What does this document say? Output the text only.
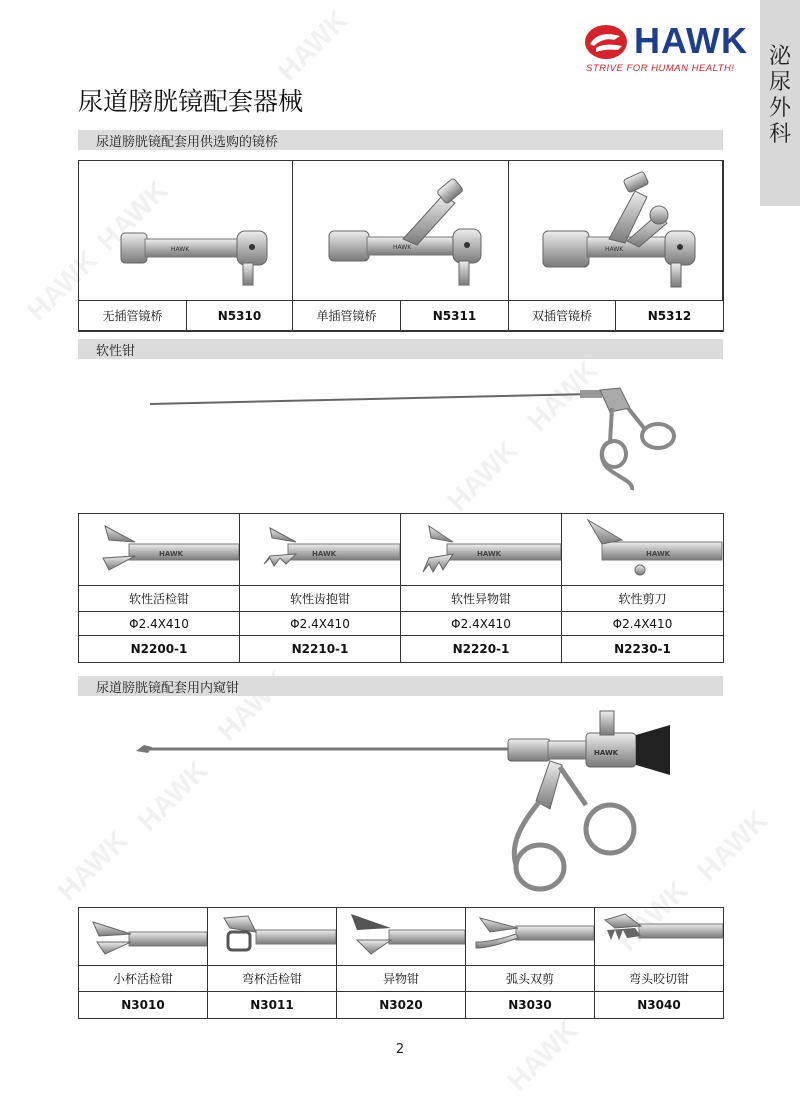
HAWK
HAWK
HAWK
HAWK
HAWK
HAWK
HAWK
HAWK	HAWK
HAWK
HAWK
HAWK
STRIVE FOR HUMAN HEALTH!	泌尿外科
尿道膀胱镜配套器械
尿道膀胱镜配套用供选购的镜桥
HAWK	HAWK	HAWK
无插管镜桥	N5310	单插管镜桥	N5311	双插管镜桥	N5312
软性钳
HAWK	HAWK	HAWK	HAWK
软性活检钳	软性齿抱钳	软性异物钳	软性剪刀
Φ2.4X410	Φ2.4X410	Φ2.4X410	Φ2.4X410
N2200-1	N2210-1	N2220-1	N2230-1
尿道膀胱镜配套用内窥钳
HAWK
小杯活检钳	弯杯活检钳	异物钳	弧头双剪	弯头咬切钳
N3010	N3011	N3020	N3030	N3040
2
